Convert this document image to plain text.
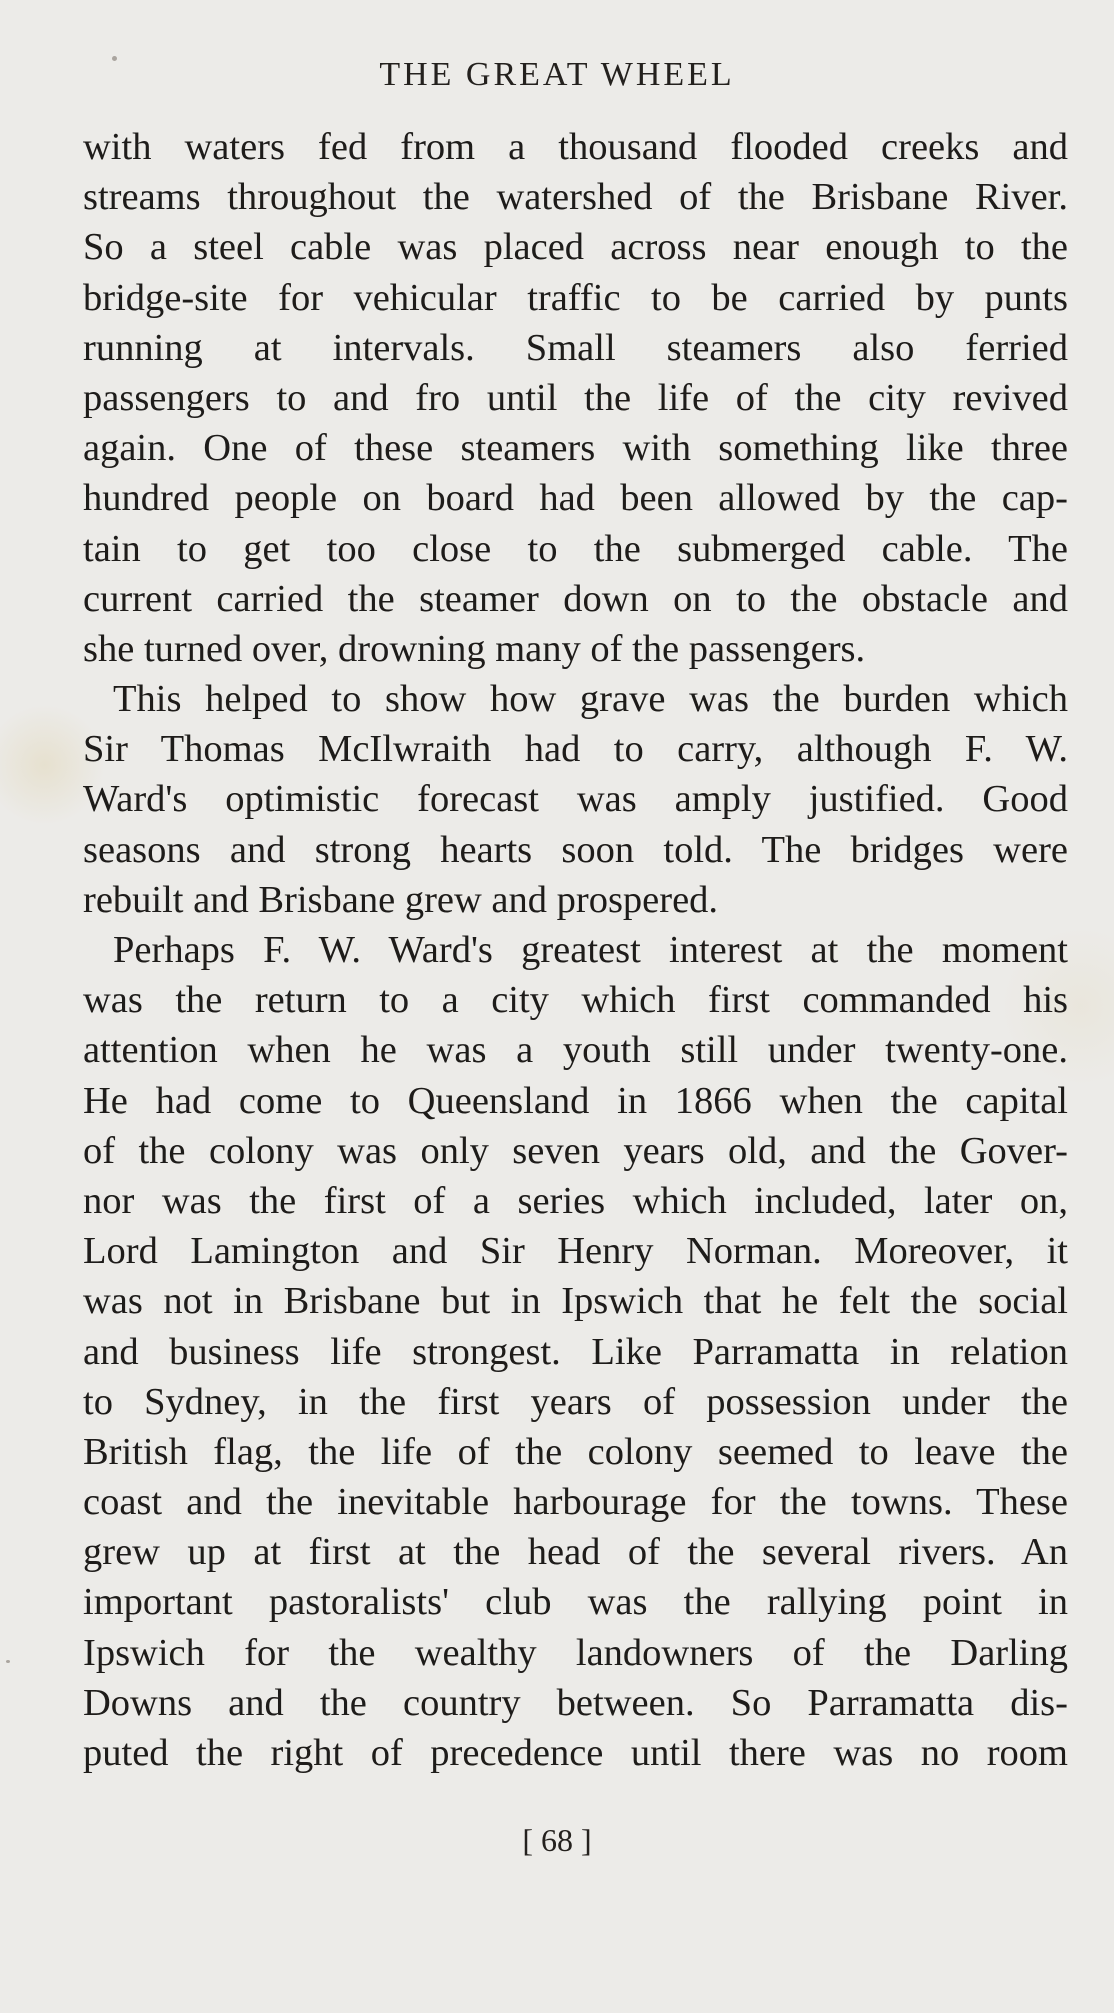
THE GREAT WHEEL
with waters fed from a thousand flooded creeks and
streams throughout the watershed of the Brisbane River.
So a steel cable was placed across near enough to the
bridge-site for vehicular traffic to be carried by punts
running at intervals. Small steamers also ferried
passengers to and fro until the life of the city revived
again. One of these steamers with something like three
hundred people on board had been allowed by the cap-
tain to get too close to the submerged cable. The
current carried the steamer down on to the obstacle and
she turned over, drowning many of the passengers.
This helped to show how grave was the burden which
Sir Thomas McIlwraith had to carry, although F. W.
Ward's optimistic forecast was amply justified. Good
seasons and strong hearts soon told. The bridges were
rebuilt and Brisbane grew and prospered.
Perhaps F. W. Ward's greatest interest at the moment
was the return to a city which first commanded his
attention when he was a youth still under twenty-one.
He had come to Queensland in 1866 when the capital
of the colony was only seven years old, and the Gover-
nor was the first of a series which included, later on,
Lord Lamington and Sir Henry Norman. Moreover, it
was not in Brisbane but in Ipswich that he felt the social
and business life strongest. Like Parramatta in relation
to Sydney, in the first years of possession under the
British flag, the life of the colony seemed to leave the
coast and the inevitable harbourage for the towns. These
grew up at first at the head of the several rivers. An
important pastoralists' club was the rallying point in
Ipswich for the wealthy landowners of the Darling
Downs and the country between. So Parramatta dis-
puted the right of precedence until there was no room
[ 68 ]
